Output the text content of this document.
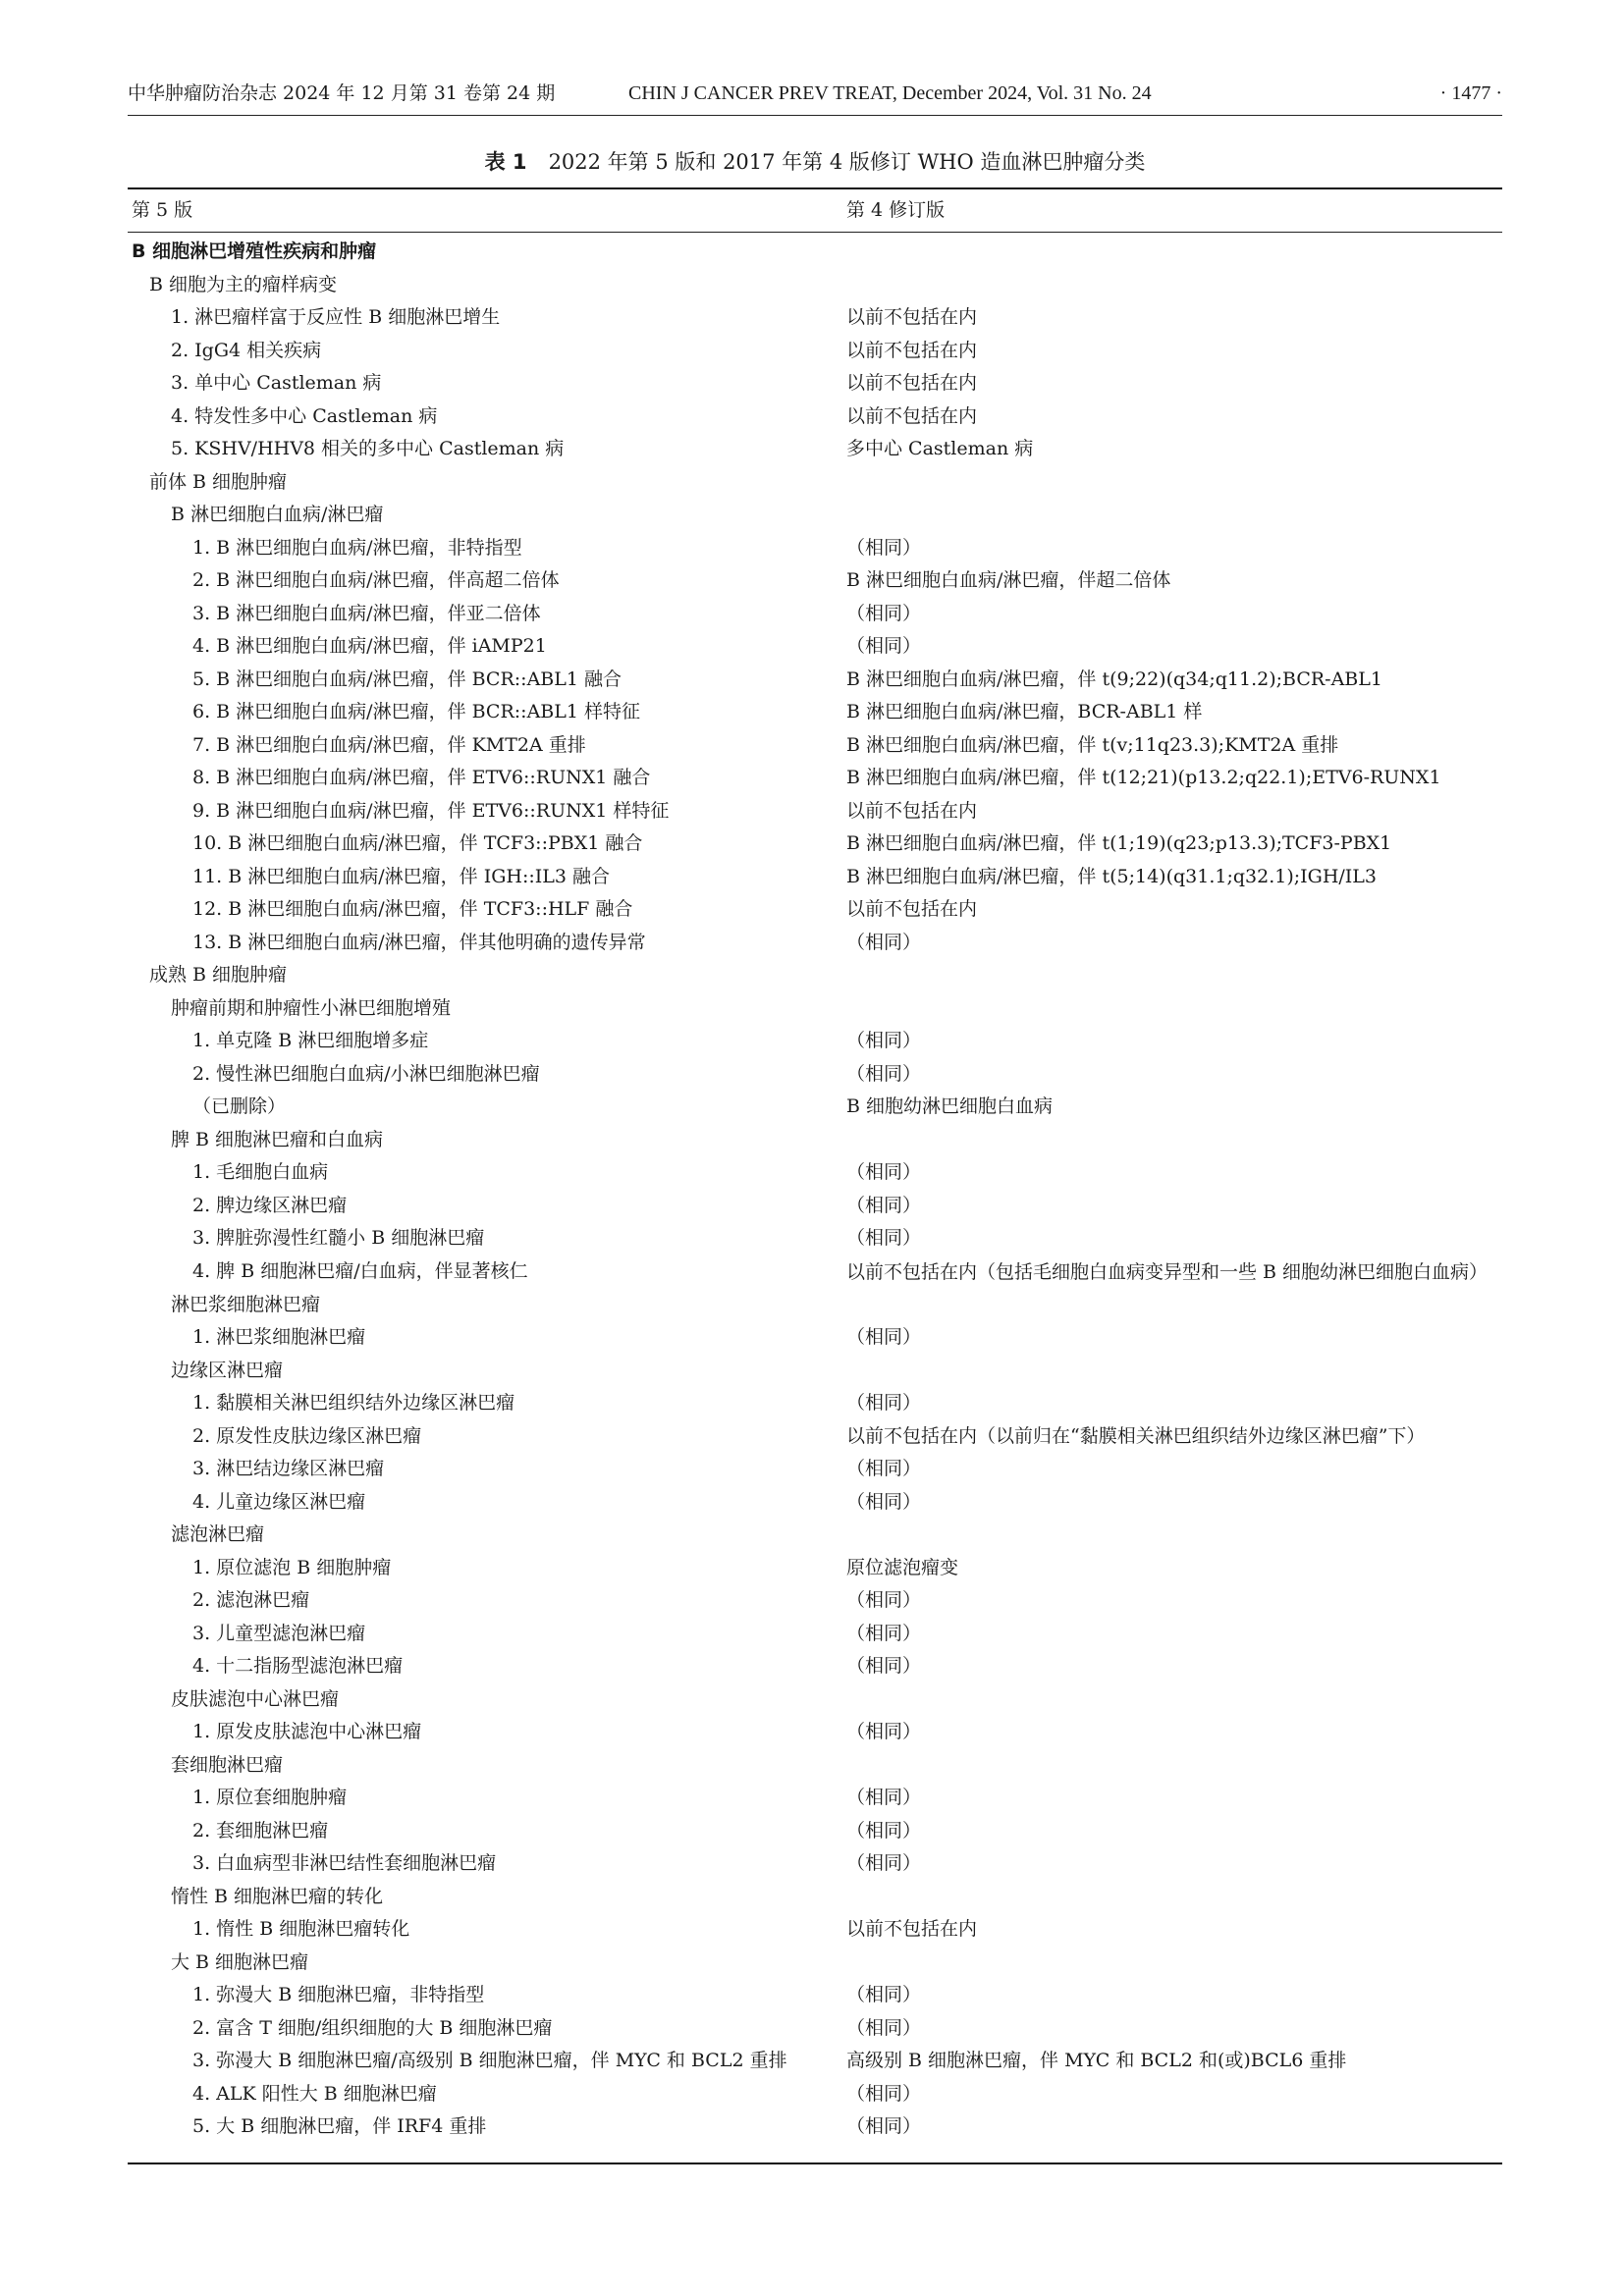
中华肿瘤防治杂志 2024 年 12 月第 31 卷第 24 期	CHIN J CANCER PREV TREAT, December 2024, Vol. 31 No. 24	· 1477 ·
表 1 2022 年第 5 版和 2017 年第 4 版修订 WHO 造血淋巴肿瘤分类
第 5 版	第 4 修订版
B 细胞淋巴增殖性疾病和肿瘤

B 细胞为主的瘤样病变

1. 淋巴瘤样富于反应性 B 细胞淋巴增生	以前不包括在内
2. IgG4 相关疾病	以前不包括在内
3. 单中心 Castleman 病	以前不包括在内
4. 特发性多中心 Castleman 病	以前不包括在内
5. KSHV/HHV8 相关的多中心 Castleman 病	多中心 Castleman 病
前体 B 细胞肿瘤

B 淋巴细胞白血病/淋巴瘤

1. B 淋巴细胞白血病/淋巴瘤，非特指型	（相同）
2. B 淋巴细胞白血病/淋巴瘤，伴高超二倍体	B 淋巴细胞白血病/淋巴瘤，伴超二倍体
3. B 淋巴细胞白血病/淋巴瘤，伴亚二倍体	（相同）
4. B 淋巴细胞白血病/淋巴瘤，伴 iAMP21	（相同）
5. B 淋巴细胞白血病/淋巴瘤，伴 BCR::ABL1 融合	B 淋巴细胞白血病/淋巴瘤，伴 t(9;22)(q34;q11.2);BCR-ABL1
6. B 淋巴细胞白血病/淋巴瘤，伴 BCR::ABL1 样特征	B 淋巴细胞白血病/淋巴瘤，BCR-ABL1 样
7. B 淋巴细胞白血病/淋巴瘤，伴 KMT2A 重排	B 淋巴细胞白血病/淋巴瘤，伴 t(v;11q23.3);KMT2A 重排
8. B 淋巴细胞白血病/淋巴瘤，伴 ETV6::RUNX1 融合	B 淋巴细胞白血病/淋巴瘤，伴 t(12;21)(p13.2;q22.1);ETV6-RUNX1
9. B 淋巴细胞白血病/淋巴瘤，伴 ETV6::RUNX1 样特征	以前不包括在内
10. B 淋巴细胞白血病/淋巴瘤，伴 TCF3::PBX1 融合	B 淋巴细胞白血病/淋巴瘤，伴 t(1;19)(q23;p13.3);TCF3-PBX1
11. B 淋巴细胞白血病/淋巴瘤，伴 IGH::IL3 融合	B 淋巴细胞白血病/淋巴瘤，伴 t(5;14)(q31.1;q32.1);IGH/IL3
12. B 淋巴细胞白血病/淋巴瘤，伴 TCF3::HLF 融合	以前不包括在内
13. B 淋巴细胞白血病/淋巴瘤，伴其他明确的遗传异常	（相同）
成熟 B 细胞肿瘤

肿瘤前期和肿瘤性小淋巴细胞增殖

1. 单克隆 B 淋巴细胞增多症	（相同）
2. 慢性淋巴细胞白血病/小淋巴细胞淋巴瘤	（相同）
（已删除）	B 细胞幼淋巴细胞白血病
脾 B 细胞淋巴瘤和白血病

1. 毛细胞白血病	（相同）
2. 脾边缘区淋巴瘤	（相同）
3. 脾脏弥漫性红髓小 B 细胞淋巴瘤	（相同）
4. 脾 B 细胞淋巴瘤/白血病，伴显著核仁	以前不包括在内（包括毛细胞白血病变异型和一些 B 细胞幼淋巴细胞白血病）
淋巴浆细胞淋巴瘤

1. 淋巴浆细胞淋巴瘤	（相同）
边缘区淋巴瘤

1. 黏膜相关淋巴组织结外边缘区淋巴瘤	（相同）
2. 原发性皮肤边缘区淋巴瘤	以前不包括在内（以前归在“黏膜相关淋巴组织结外边缘区淋巴瘤”下）
3. 淋巴结边缘区淋巴瘤	（相同）
4. 儿童边缘区淋巴瘤	（相同）
滤泡淋巴瘤

1. 原位滤泡 B 细胞肿瘤	原位滤泡瘤变
2. 滤泡淋巴瘤	（相同）
3. 儿童型滤泡淋巴瘤	（相同）
4. 十二指肠型滤泡淋巴瘤	（相同）
皮肤滤泡中心淋巴瘤

1. 原发皮肤滤泡中心淋巴瘤	（相同）
套细胞淋巴瘤

1. 原位套细胞肿瘤	（相同）
2. 套细胞淋巴瘤	（相同）
3. 白血病型非淋巴结性套细胞淋巴瘤	（相同）
惰性 B 细胞淋巴瘤的转化

1. 惰性 B 细胞淋巴瘤转化	以前不包括在内
大 B 细胞淋巴瘤

1. 弥漫大 B 细胞淋巴瘤，非特指型	（相同）
2. 富含 T 细胞/组织细胞的大 B 细胞淋巴瘤	（相同）
3. 弥漫大 B 细胞淋巴瘤/高级别 B 细胞淋巴瘤，伴 MYC 和 BCL2 重排	高级别 B 细胞淋巴瘤，伴 MYC 和 BCL2 和(或)BCL6 重排
4. ALK 阳性大 B 细胞淋巴瘤	（相同）
5. 大 B 细胞淋巴瘤，伴 IRF4 重排	（相同）
